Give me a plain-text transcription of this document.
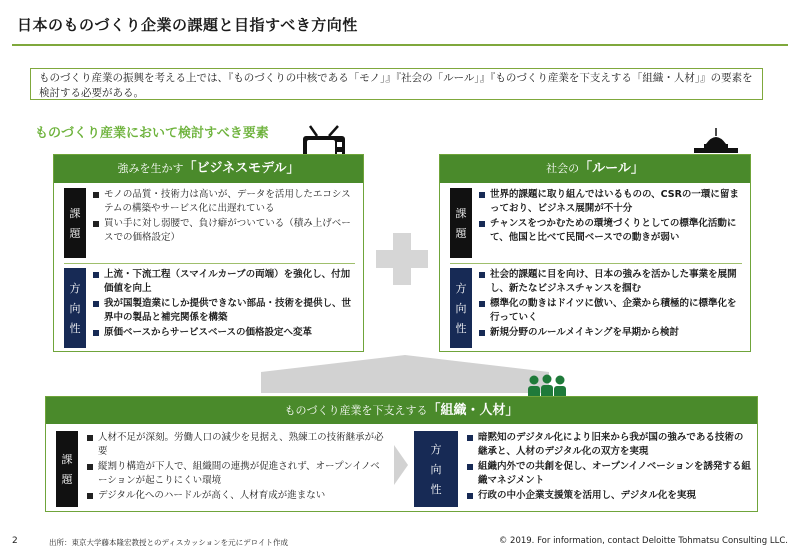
日本のものづくり企業の課題と目指すべき方向性
ものづくり産業の振興を考える上では、『ものづくりの中核である「モノ」』『社会の「ルール」』『ものづくり産業を下支えする「組織・人材」』の要素を検討する必要がある。
ものづくり産業において検討すべき要素
強みを生かす「ビジネスモデル」
課
題
モノの品質・技術力は高いが、データを活用したエコシステムの構築やサービス化に出遅れている
買い手に対し弱腰で、負け癖がついている（積み上げベースでの価格設定）
方
向
性
上流・下流工程（スマイルカーブの両端）を強化し、付加価値を向上
我が国製造業にしか提供できない部品・技術を提供し、世界中の製品と補完関係を構築
原価ベースからサービスベースの価格設定へ変革
社会の「ルール」
課
題
世界的課題に取り組んではいるものの、CSRの一環に留まっており、ビジネス展開が不十分
チャンスをつかむための環境づくりとしての標準化活動にて、他国と比べて民間ベースでの動きが弱い
方
向
性
社会的課題に目を向け、日本の強みを活かした事業を展開し、新たなビジネスチャンスを掴む
標準化の動きはドイツに倣い、企業から積極的に標準化を行っていく
新規分野のルールメイキングを早期から検討
ものづくり産業を下支えする「組織・人材」
課
題
人材不足が深刻。労働人口の減少を見据え、熟練工の技術継承が必要
縦割り構造が下人で、組織間の連携が促進されず、オープンイノベーションが起こりにくい環境
デジタル化へのハードルが高く、人材育成が進まない
方
向
性
暗黙知のデジタル化により旧来から我が国の強みである技術の継承と、人材のデジタル化の双方を実現
組織内外での共創を促し、オープンイノベーションを誘発する組織マネジメント
行政の中小企業支援策を活用し、デジタル化を実現
2	出所：東京大学藤本隆宏教授とのディスカッションを元にデロイト作成	© 2019. For information, contact Deloitte Tohmatsu Consulting LLC.
